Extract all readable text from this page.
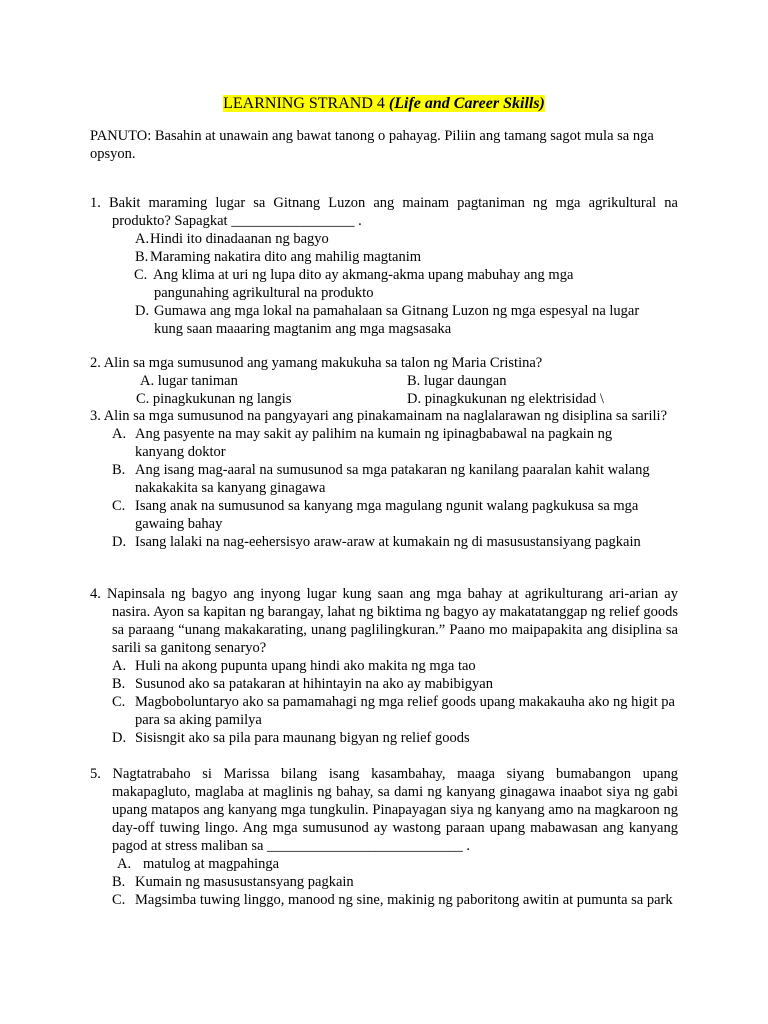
LEARNING STRAND 4 (Life and Career Skills)
PANUTO: Basahin at unawain ang bawat tanong o pahayag. Piliin ang tamang sagot mula sa nga opsyon.
1. Bakit maraming lugar sa Gitnang Luzon ang mainam pagtaniman ng mga agrikultural na produkto? Sapagkat _________________ .
A. Hindi ito dinadaanan ng bagyo
B. Maraming nakatira dito ang mahilig magtanim
C. Ang klima at uri ng lupa dito ay akmang-akma upang mabuhay ang mga pangunahing agrikultural na produkto
D. Gumawa ang mga lokal na pamahalaan sa Gitnang Luzon ng mga espesyal na lugar kung saan maaaring magtanim ang mga magsasaka
2. Alin sa mga sumusunod ang yamang makukuha sa talon ng Maria Cristina?
A. lugar taniman	B. lugar daungan
C. pinagkukunan ng langis	D. pinagkukunan ng elektrisidad \
3. Alin sa mga sumusunod na pangyayari ang pinakamainam na naglalarawan ng disiplina sa sarili?
A. Ang pasyente na may sakit ay palihim na kumain ng ipinagbabawal na pagkain ng kanyang doktor
B. Ang isang mag-aaral na sumusunod sa mga patakaran ng kanilang paaralan kahit walang nakakakita sa kanyang ginagawa
C. Isang anak na sumusunod sa kanyang mga magulang ngunit walang pagkukusa sa mga gawaing bahay
D. Isang lalaki na nag-eehersisyo araw-araw at kumakain ng di masusustansiyang pagkain
4. Napinsala ng bagyo ang inyong lugar kung saan ang mga bahay at agrikulturang ari-arian ay nasira. Ayon sa kapitan ng barangay, lahat ng biktima ng bagyo ay makatatanggap ng relief goods sa paraang “unang makakarating, unang paglilingkuran.” Paano mo maipapakita ang disiplina sa sarili sa ganitong senaryo?
A. Huli na akong pupunta upang hindi ako makita ng mga tao
B. Susunod ako sa patakaran at hihintayin na ako ay mabibigyan
C. Magboboluntaryo ako sa pamamahagi ng mga relief goods upang makakauha ako ng higit pa para sa aking pamilya
D. Sisisngit ako sa pila para maunang bigyan ng relief goods
5. Nagtatrabaho si Marissa bilang isang kasambahay, maaga siyang bumabangon upang makapagluto, maglaba at maglinis ng bahay, sa dami ng kanyang ginagawa inaabot siya ng gabi upang matapos ang kanyang mga tungkulin. Pinapayagan siya ng kanyang amo na magkaroon ng day-off tuwing lingo. Ang mga sumusunod ay wastong paraan upang mabawasan ang kanyang pagod at stress maliban sa ___________________________ .
A. matulog at magpahinga
B. Kumain ng masusustansyang pagkain
C. Magsimba tuwing linggo, manood ng sine, makinig ng paboritong awitin at pumunta sa park
